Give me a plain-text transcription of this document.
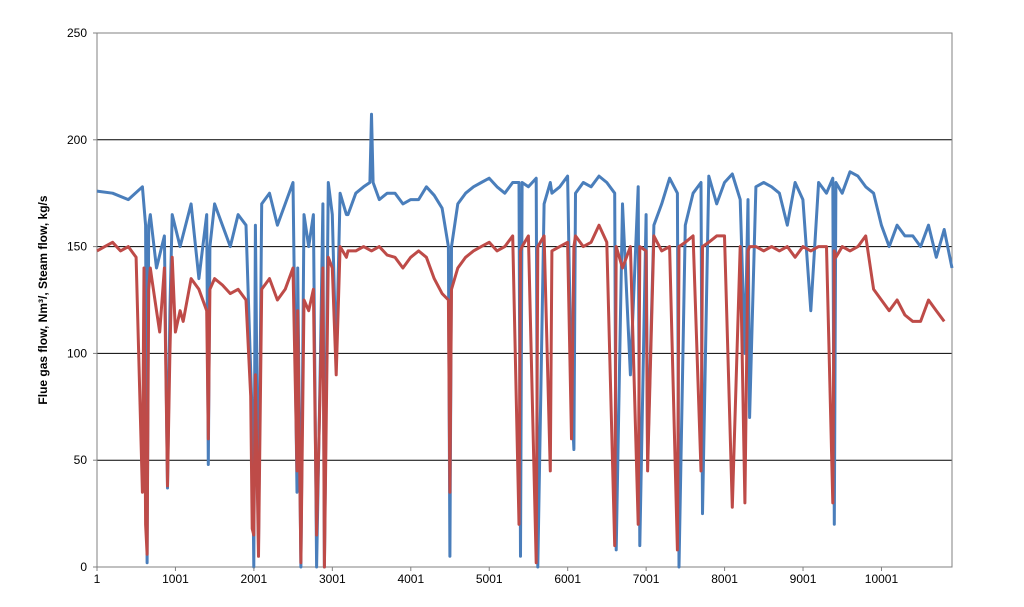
0
50
100
150
200
250
1	1001	2001	3001	4001	5001	6001	7001	8001	9001	10001
Flue gas flow, Nm³/, Steam flow, kg/s
